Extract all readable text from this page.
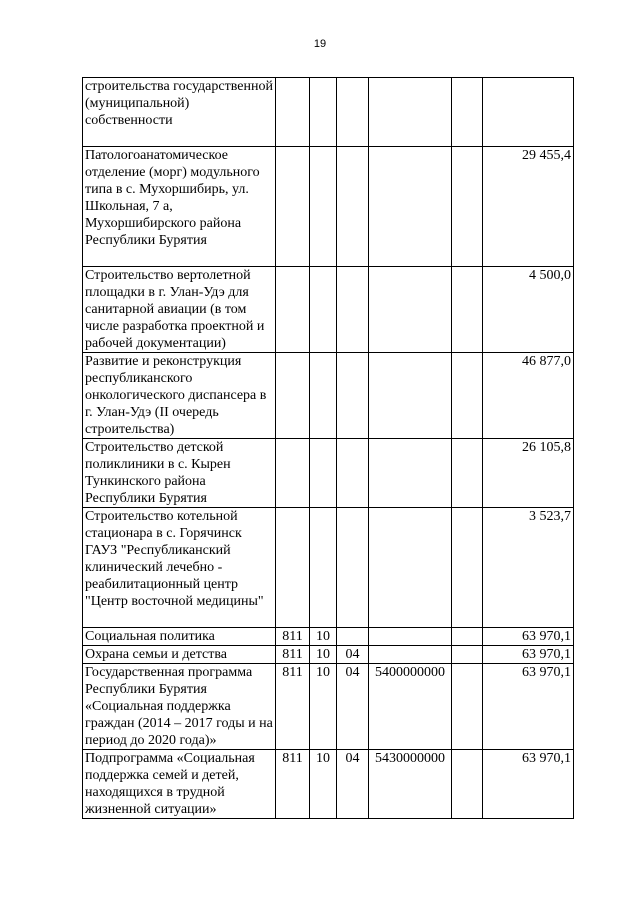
19
строительства государственной (муниципальной) собственности						
Патологоанатомическое отделение (морг) модульного типа в с. Мухоршибирь, ул. Школьная, 7 а, Мухоршибирского района Республики Бурятия						29 455,4
Строительство вертолетной площадки в г. Улан-Удэ для санитарной авиации (в том числе разработка проектной и рабочей документации)						4 500,0
Развитие и реконструкция республиканского онкологического диспансера в г. Улан-Удэ (II очередь строительства)						46 877,0
Строительство детской поликлиники в с. Кырен Тункинского района Республики Бурятия						26 105,8
Строительство котельной стационара в с. Горячинск ГАУЗ "Республиканский клинический лечебно - реабилитационный центр "Центр восточной медицины"						3 523,7
Социальная политика	811	10				63 970,1
Охрана семьи и детства	811	10	04			63 970,1
Государственная программа Республики Бурятия «Социальная поддержка граждан (2014 – 2017 годы и на период до 2020 года)»	811	10	04	5400000000		63 970,1
Подпрограмма «Социальная поддержка семей и детей, находящихся в трудной жизненной ситуации»	811	10	04	5430000000		63 970,1
